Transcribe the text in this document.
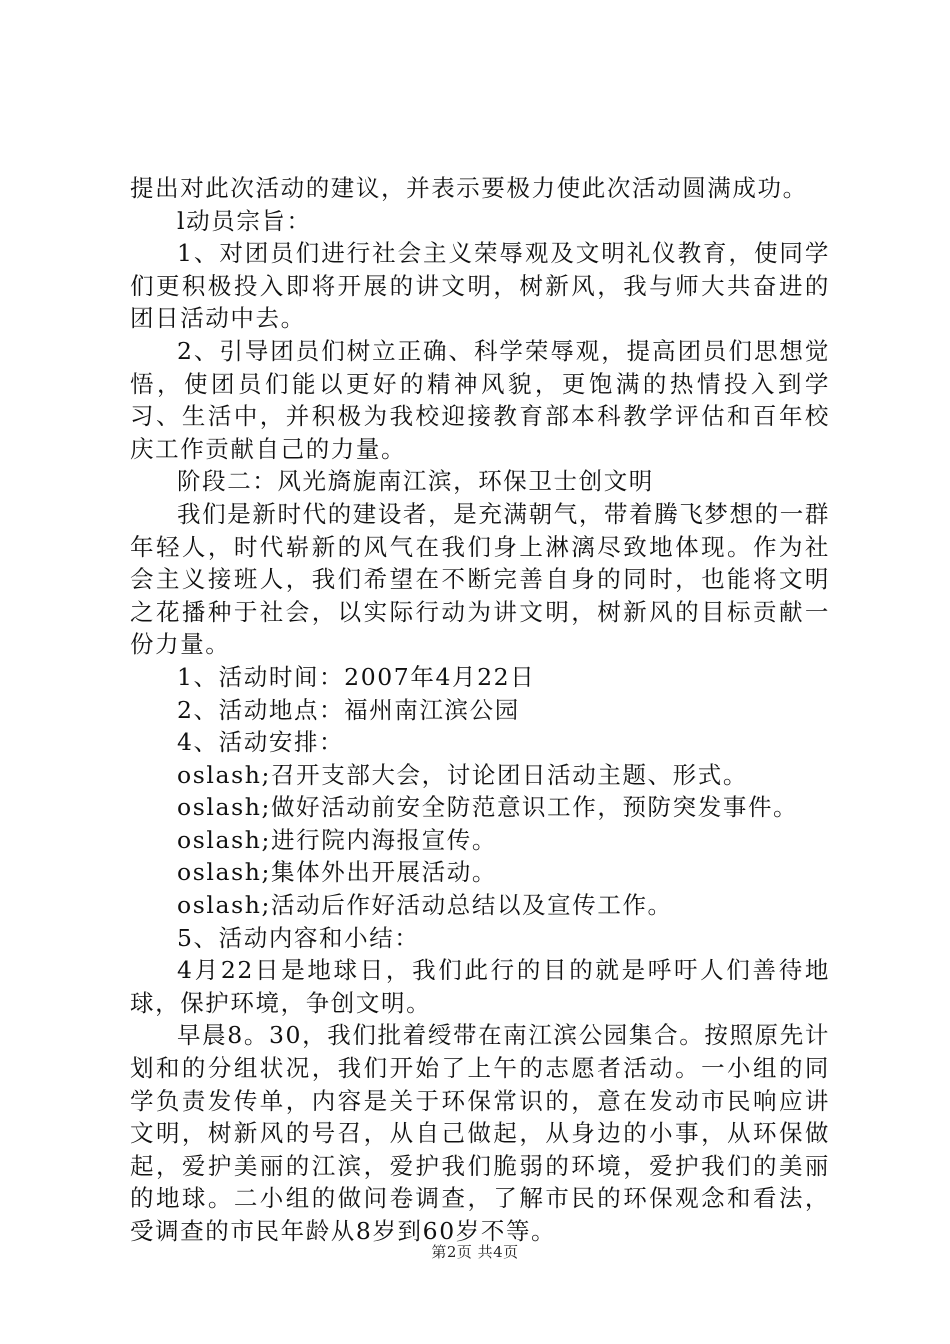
提出对此次活动的建议，并表示要极力使此次活动圆满成功。

l动员宗旨：

1、对团员们进行社会主义荣辱观及文明礼仪教育，使同学们更积极投入即将开展的讲文明，树新风，我与师大共奋进的团日活动中去。

2、引导团员们树立正确、科学荣辱观，提高团员们思想觉悟，使团员们能以更好的精神风貌，更饱满的热情投入到学习、生活中，并积极为我校迎接教育部本科教学评估和百年校庆工作贡献自己的力量。

阶段二：风光旖旎南江滨，环保卫士创文明

我们是新时代的建设者，是充满朝气，带着腾飞梦想的一群年轻人，时代崭新的风气在我们身上淋漓尽致地体现。作为社会主义接班人，我们希望在不断完善自身的同时，也能将文明之花播种于社会，以实际行动为讲文明，树新风的目标贡献一份力量。

1、活动时间：2007年4月22日

2、活动地点：福州南江滨公园

4、活动安排：

oslash;召开支部大会，讨论团日活动主题、形式。

oslash;做好活动前安全防范意识工作，预防突发事件。

oslash;进行院内海报宣传。

oslash;集体外出开展活动。

oslash;活动后作好活动总结以及宣传工作。

5、活动内容和小结：

4月22日是地球日，我们此行的目的就是呼吁人们善待地球，保护环境，争创文明。

早晨8。30，我们批着绶带在南江滨公园集合。按照原先计划和的分组状况，我们开始了上午的志愿者活动。一小组的同学负责发传单，内容是关于环保常识的，意在发动市民响应讲文明，树新风的号召，从自己做起，从身边的小事，从环保做起，爱护美丽的江滨，爱护我们脆弱的环境，爱护我们的美丽的地球。二小组的做问卷调查，了解市民的环保观念和看法，受调查的市民年龄从8岁到60岁不等。

第2页 共4页
